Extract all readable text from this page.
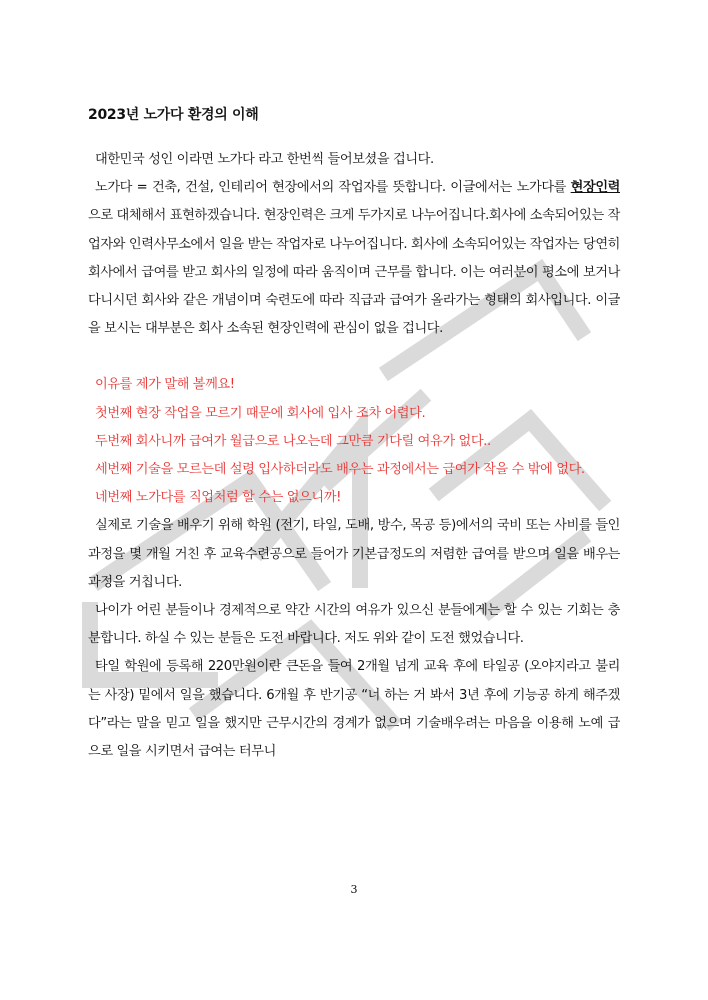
2023년 노가다 환경의 이해

대한민국 성인 이라면 노가다 라고 한번씩 들어보셨을 겁니다.

노가다 = 건축, 건설, 인테리어 현장에서의 작업자를 뜻합니다. 이글에서는 노가다를 현장인력으로 대체해서 표현하겠습니다. 현장인력은 크게 두가지로 나누어집니다.회사에 소속되어있는 작업자와 인력사무소에서 일을 받는 작업자로 나누어집니다. 회사에 소속되어있는 작업자는 당연히 회사에서 급여를 받고 회사의 일정에 따라 움직이며 근무를 합니다. 이는 여러분이 평소에 보거나 다니시던 회사와 같은 개념이며 숙련도에 따라 직급과 급여가 올라가는 형태의 회사입니다. 이글을 보시는 대부분은 회사 소속된 현장인력에 관심이 없을 겁니다.

이유를 제가 말해 볼께요!

첫번째 현장 작업을 모르기 때문에 회사에 입사 조차 어렵다.

두번째 회사니까 급여가 월급으로 나오는데 그만큼 기다릴 여유가 없다..

세번째 기술을 모르는데 설령 입사하더라도 배우는 과정에서는 급여가 작을 수 밖에 없다.

네번째 노가다를 직업처럼 할 수는 없으니까!

실제로 기술을 배우기 위해 학원 (전기, 타일, 도배, 방수, 목공 등)에서의 국비 또는 사비를 들인 과정을 몇 개월 거친 후 교육수련공으로 들어가 기본급정도의 저렴한 급여를 받으며 일을 배우는 과정을 거칩니다.

나이가 어린 분들이나 경제적으로 약간 시간의 여유가 있으신 분들에게는 할 수 있는 기회는 충분합니다. 하실 수 있는 분들은 도전 바랍니다. 저도 위와 같이 도전 했었습니다.

타일 학원에 등록해 220만원이란 큰돈을 들여 2개월 넘게 교육 후에 타일공 (오야지라고 불리는 사장) 밑에서 일을 했습니다. 6개월 후 반기공 “너 하는 거 봐서 3년 후에 기능공 하게 해주겠다”라는 말을 믿고 일을 했지만 근무시간의 경계가 없으며 기술배우려는 마음을 이용해 노예 급으로 일을 시키면서 급여는 터무니

3
